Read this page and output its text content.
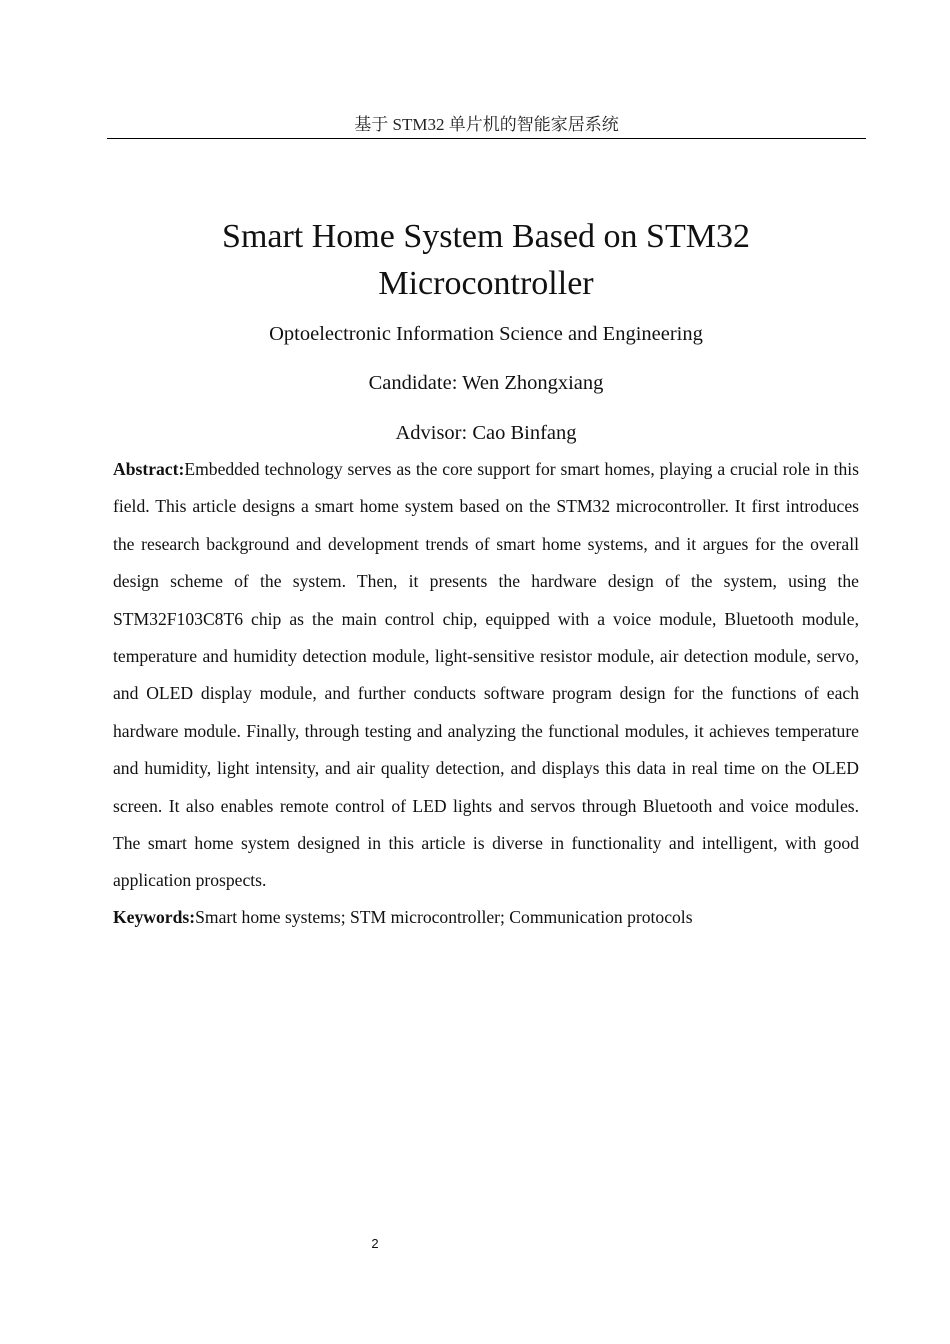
基于 STM32 单片机的智能家居系统
Smart Home System Based on STM32
Microcontroller

Optoelectronic Information Science and Engineering

Candidate: Wen Zhongxiang

Advisor: Cao Binfang

Abstract:Embedded technology serves as the core support for smart homes, playing a crucial role in this field. This article designs a smart home system based on the STM32 microcontroller. It first introduces the research background and development trends of smart home systems, and it argues for the overall design scheme of the system. Then, it presents the hardware design of the system, using the STM32F103C8T6 chip as the main control chip, equipped with a voice module, Bluetooth module, temperature and humidity detection module, light-sensitive resistor module, air detection module, servo, and OLED display module, and further conducts software program design for the functions of each hardware module. Finally, through testing and analyzing the functional modules, it achieves temperature and humidity, light intensity, and air quality detection, and displays this data in real time on the OLED screen. It also enables remote control of LED lights and servos through Bluetooth and voice modules. The smart home system designed in this article is diverse in functionality and intelligent, with good application prospects.

Keywords:Smart home systems; STM microcontroller; Communication protocols

2
